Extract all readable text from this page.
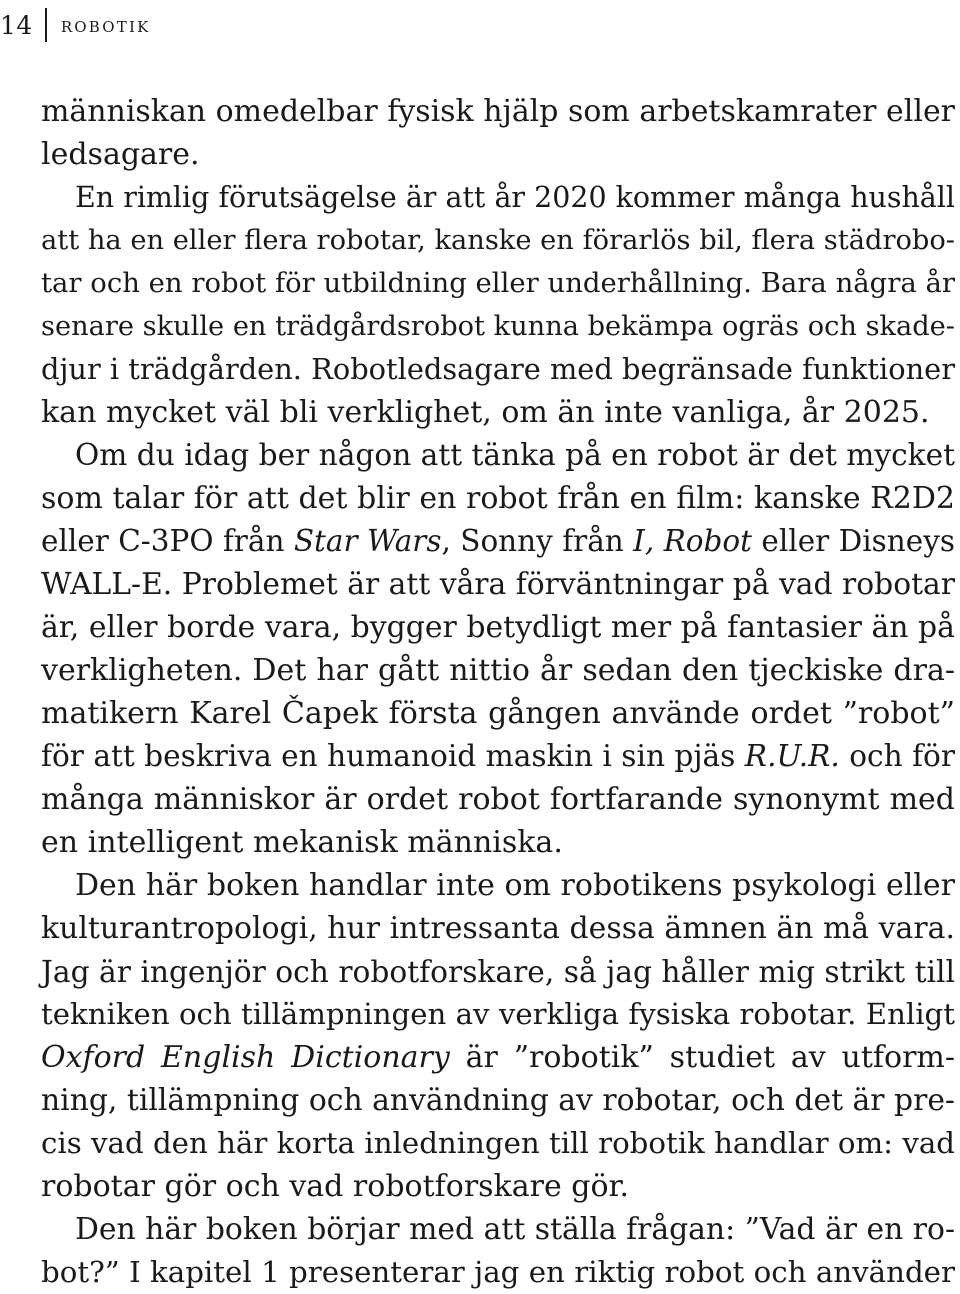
14	robotik
människan omedelbar fysisk hjälp som arbetskamrater eller
ledsagare.
En rimlig förutsägelse är att år 2020 kommer många hushåll
att ha en eller flera robotar, kanske en förarlös bil, flera städrobo-
tar och en robot för utbildning eller underhållning. Bara några år
senare skulle en trädgårdsrobot kunna bekämpa ogräs och skade-
djur i trädgården. Robotledsagare med begränsade funktioner
kan mycket väl bli verklighet, om än inte vanliga, år 2025.
Om du idag ber någon att tänka på en robot är det mycket
som talar för att det blir en robot från en film: kanske R2D2
eller C-3PO från Star Wars, Sonny från I, Robot eller Disneys
WALL-E. Problemet är att våra förväntningar på vad robotar
är, eller borde vara, bygger betydligt mer på fantasier än på
verkligheten. Det har gått nittio år sedan den tjeckiske dra-
matikern Karel Čapek första gången använde ordet ”robot”
för att beskriva en humanoid maskin i sin pjäs R.U.R. och för
många människor är ordet robot fortfarande synonymt med
en intelligent mekanisk människa.
Den här boken handlar inte om robotikens psykologi eller
kulturantropologi, hur intressanta dessa ämnen än må vara.
Jag är ingenjör och robotforskare, så jag håller mig strikt till
tekniken och tillämpningen av verkliga fysiska robotar. Enligt
Oxford English Dictionary är ”robotik” studiet av utform-
ning, tillämpning och användning av robotar, och det är pre-
cis vad den här korta inledningen till robotik handlar om: vad
robotar gör och vad robotforskare gör.
Den här boken börjar med att ställa frågan: ”Vad är en ro-
bot?” I kapitel 1 presenterar jag en riktig robot och använder
